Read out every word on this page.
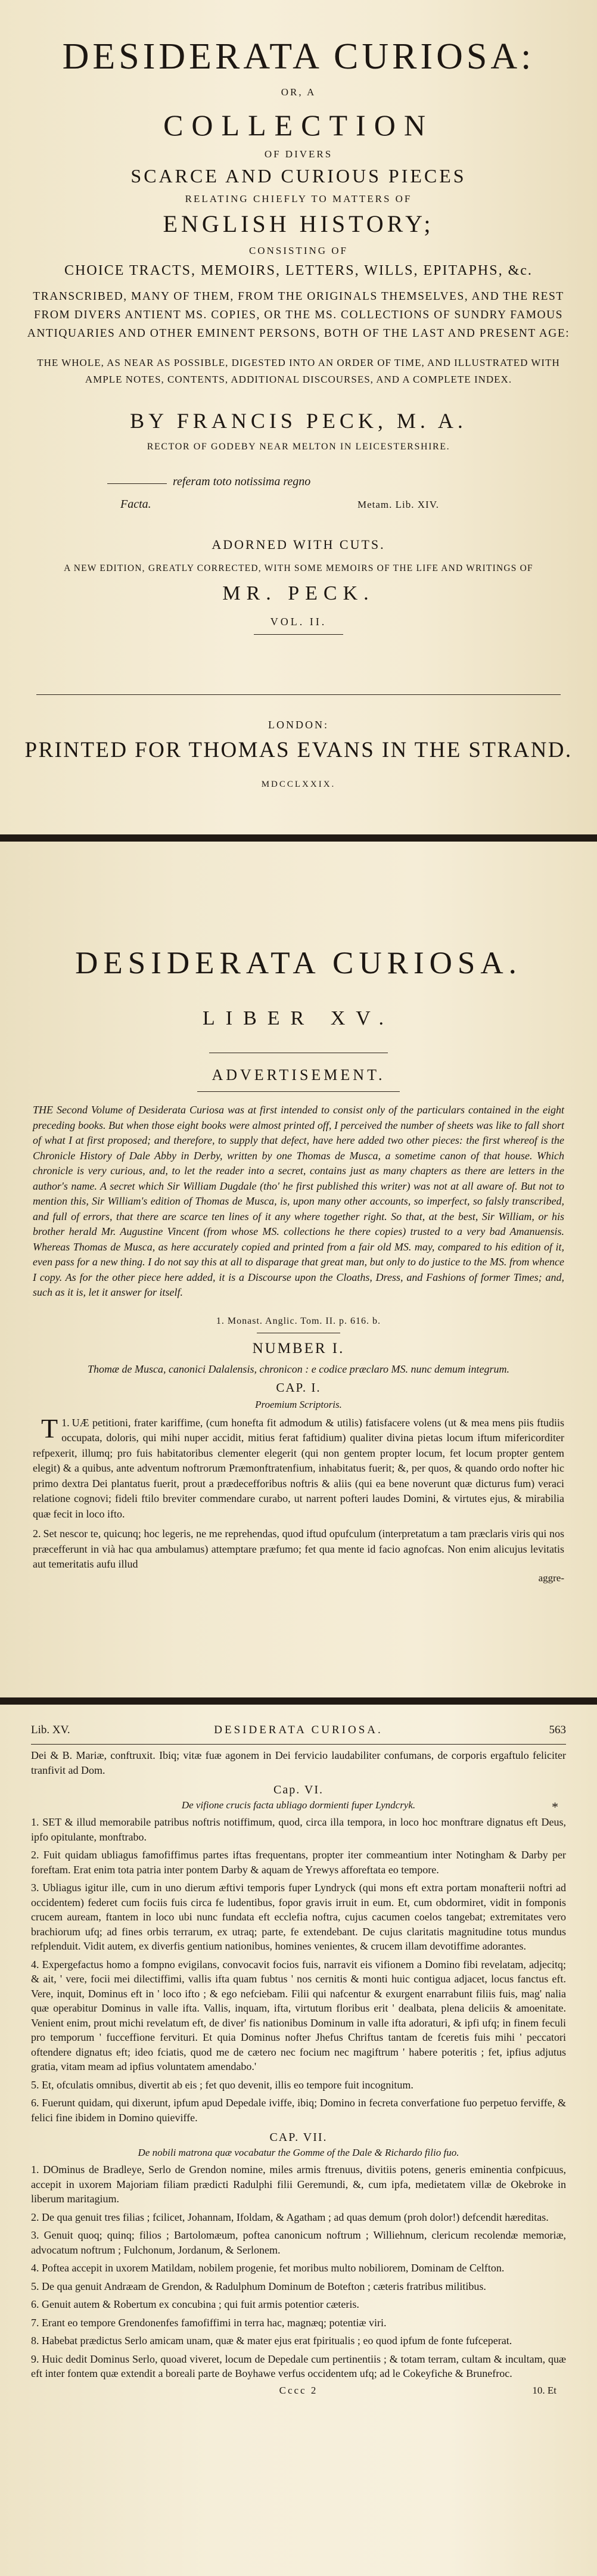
DESIDERATA CURIOSA:
OR, A
COLLECTION
OF DIVERS
SCARCE AND CURIOUS PIECES
RELATING CHIEFLY TO MATTERS OF
ENGLISH HISTORY;
CONSISTING OF
CHOICE TRACTS, MEMOIRS, LETTERS, WILLS, EPITAPHS, &c.
TRANSCRIBED, MANY OF THEM, FROM THE ORIGINALS THEMSELVES, AND THE REST FROM DIVERS ANTIENT MS. COPIES, OR THE MS. COLLECTIONS OF SUNDRY FAMOUS ANTIQUARIES AND OTHER EMINENT PERSONS, BOTH OF THE LAST AND PRESENT AGE:
THE WHOLE, AS NEAR AS POSSIBLE, DIGESTED INTO AN ORDER OF TIME, AND ILLUSTRATED WITH AMPLE NOTES, CONTENTS, ADDITIONAL DISCOURSES, AND A COMPLETE INDEX.
BY FRANCIS PECK, M. A.
RECTOR OF GODEBY NEAR MELTON IN LEICESTERSHIRE.
referam toto notissima regno
Facta.	Metam. Lib. XIV.
ADORNED WITH CUTS.
A NEW EDITION, GREATLY CORRECTED, WITH SOME MEMOIRS OF THE LIFE AND WRITINGS OF
MR. PECK.
VOL. II.
LONDON:
PRINTED FOR THOMAS EVANS IN THE STRAND.
MDCCLXXIX.
DESIDERATA CURIOSA.
LIBER XV.
ADVERTISEMENT.
THE Second Volume of Desiderata Curiosa was at first intended to consist only of the particulars contained in the eight preceding books. But when those eight books were almost printed off, I perceived the number of sheets was like to fall short of what I at first proposed; and therefore, to supply that defect, have here added two other pieces: the first whereof is the Chronicle History of Dale Abby in Derby, written by one Thomas de Musca, a sometime canon of that house. Which chronicle is very curious, and, to let the reader into a secret, contains just as many chapters as there are letters in the author's name. A secret which Sir William Dugdale (tho' he first published this writer) was not at all aware of. But not to mention this, Sir William's edition of Thomas de Musca, is, upon many other accounts, so imperfect, so falsly transcribed, and full of errors, that there are scarce ten lines of it any where together right. So that, at the best, Sir William, or his brother herald Mr. Augustine Vincent (from whose MS. collections he there copies) trusted to a very bad Amanuensis. Whereas Thomas de Musca, as here accurately copied and printed from a fair old MS. may, compared to his edition of it, even pass for a new thing. I do not say this at all to disparage that great man, but only to do justice to the MS. from whence I copy. As for the other piece here added, it is a Discourse upon the Cloaths, Dress, and Fashions of former Times; and, such as it is, let it answer for itself.
1. Monast. Anglic. Tom. II. p. 616. b.
NUMBER I.
Thomæ de Musca, canonici Dalalensis, chronicon : e codice præclaro MS. nunc demum integrum.
CAP. I.
Proemium Scriptoris.

1.
T UÆ petitioni, frater kariffime, (cum honefta fit admodum & utilis) fatisfacere volens (ut & mea mens piis ftudiis occupata, doloris, qui mihi nuper accidit, mitius ferat faftidium) qualiter divina pietas locum iftum mifericorditer refpexerit, illumq; pro fuis habitatoribus clementer elegerit (qui non gentem propter locum, fet locum propter gentem elegit) & a quibus, ante adventum noftrorum Præmonftratenfium, inhabitatus fuerit; &, per quos, & quando ordo nofter hic primo dextra Dei plantatus fuerit, prout a prædecefforibus noftris & aliis (qui ea bene noverunt quæ dicturus fum) veraci relatione cognovi; fideli ftilo breviter commendare curabo, ut narrent pofteri laudes Domini, & virtutes ejus, & mirabilia quæ fecit in loco ifto.

2. Set nescor te, quicunq; hoc legeris, ne me reprehendas, quod iftud opufculum (interpretatum a tam præclaris viris qui nos præcefferunt in vià hac qua ambulamus) attemptare præfumo; fet qua mente id facio agnofcas. Non enim alicujus levitatis aut temeritatis aufu illud

aggre-
Lib. XV.	DESIDERATA CURIOSA.	563

Dei & B. Mariæ, conftruxit. Ibiq; vitæ fuæ agonem in Dei fervicio laudabiliter confumans, de corporis ergaftulo feliciter tranfivit ad Dom.

Cap. VI.
De vifione crucis facta ubliago dormienti fuper Lyndcryk.	*

1. SET & illud memorabile patribus noftris notiffimum, quod, circa illa tempora, in loco hoc monftrare dignatus eft Deus, ipfo opitulante, monftrabo.

2. Fuit quidam ubliagus famofiffimus partes iftas frequentans, propter iter commeantium inter Notingham & Darby per foreftam. Erat enim tota patria inter pontem Darby & aquam de Yrewys afforeftata eo tempore.

3. Ubliagus igitur ille, cum in uno dierum æftivi temporis fuper Lyndryck (qui mons eft extra portam monafterii noftri ad occidentem) federet cum fociis fuis circa fe ludentibus, fopor gravis irruit in eum. Et, cum obdormiret, vidit in fomponis crucem auream, ftantem in loco ubi nunc fundata eft ecclefia noftra, cujus cacumen coelos tangebat; extremitates vero brachiorum ufq; ad fines orbis terrarum, ex utraq; parte, fe extendebant. De cujus claritatis magnitudine totus mundus refplenduit. Vidit autem, ex diverfis gentium nationibus, homines venientes, & crucem illam devotiffime adorantes.

4. Expergefactus homo a fompno evigilans, convocavit focios fuis, narravit eis vifionem a Domino fibi revelatam, adjecitq; & ait, ' vere, focii mei dilectiffimi, vallis ifta quam fubtus ' nos cernitis & monti huic contigua adjacet, locus fanctus eft. Vere, inquit, Dominus eft in ' loco ifto ; & ego nefciebam. Filii qui nafcentur & exurgent enarrabunt filiis fuis, mag' nalia quæ operabitur Dominus in valle ifta. Vallis, inquam, ifta, virtutum floribus erit ' dealbata, plena deliciis & amoenitate. Venient enim, prout michi revelatum eft, de diver' fis nationibus Dominum in valle ifta adoraturi, & ipfi ufq; in finem feculi pro temporum ' fucceffione fervituri. Et quia Dominus nofter Jhefus Chriftus tantam de fceretis fuis mihi ' peccatori oftendere dignatus eft; ideo fciatis, quod me de cætero nec focium nec magiftrum ' habere poteritis ; fet, ipfius adjutus gratia, vitam meam ad ipfius voluntatem amendabo.'

5. Et, ofculatis omnibus, divertit ab eis ; fet quo devenit, illis eo tempore fuit incognitum.

6. Fuerunt quidam, qui dixerunt, ipfum apud Depedale iviffe, ibiq; Domino in fecreta converfatione fuo perpetuo ferviffe, & felici fine ibidem in Domino quieviffe.

CAP. VII.
De nobili matrona quæ vocabatur the Gomme of the Dale & Richardo filio fuo.

1. DOminus de Bradleye, Serlo de Grendon nomine, miles armis ftrenuus, divitiis potens, generis eminentia confpicuus, accepit in uxorem Majoriam filiam prædicti Radulphi filii Geremundi, &, cum ipfa, medietatem villæ de Okebroke in liberum maritagium.

2. De qua genuit tres filias ; fcilicet, Johannam, Ifoldam, & Agatham ; ad quas demum (proh dolor!) defcendit hæreditas.

3. Genuit quoq; quinq; filios ; Bartolomæum, poftea canonicum noftrum ; Williehnum, clericum recolendæ memoriæ, advocatum noftrum ; Fulchonum, Jordanum, & Serlonem.

4. Poftea accepit in uxorem Matildam, nobilem progenie, fet moribus multo nobiliorem, Dominam de Celfton.

5. De qua genuit Andræam de Grendon, & Radulphum Dominum de Botefton ; cæteris fratribus militibus.

6. Genuit autem & Robertum ex concubina ; qui fuit armis potentior cæteris.

7. Erant eo tempore Grendonenfes famofiffimi in terra hac, magnæq; potentiæ viri.

8. Habebat prædictus Serlo amicam unam, quæ & mater ejus erat fpiritualis ; eo quod ipfum de fonte fufceperat.

9. Huic dedit Dominus Serlo, quoad viveret, locum de Depedale cum pertinentiis ; & totam terram, cultam & incultam, quæ eft inter fontem quæ extendit a boreali parte de Boyhawe verfus occidentem ufq; ad le Cokeyfiche & Brunefroc.

Cccc 2	10. Et
